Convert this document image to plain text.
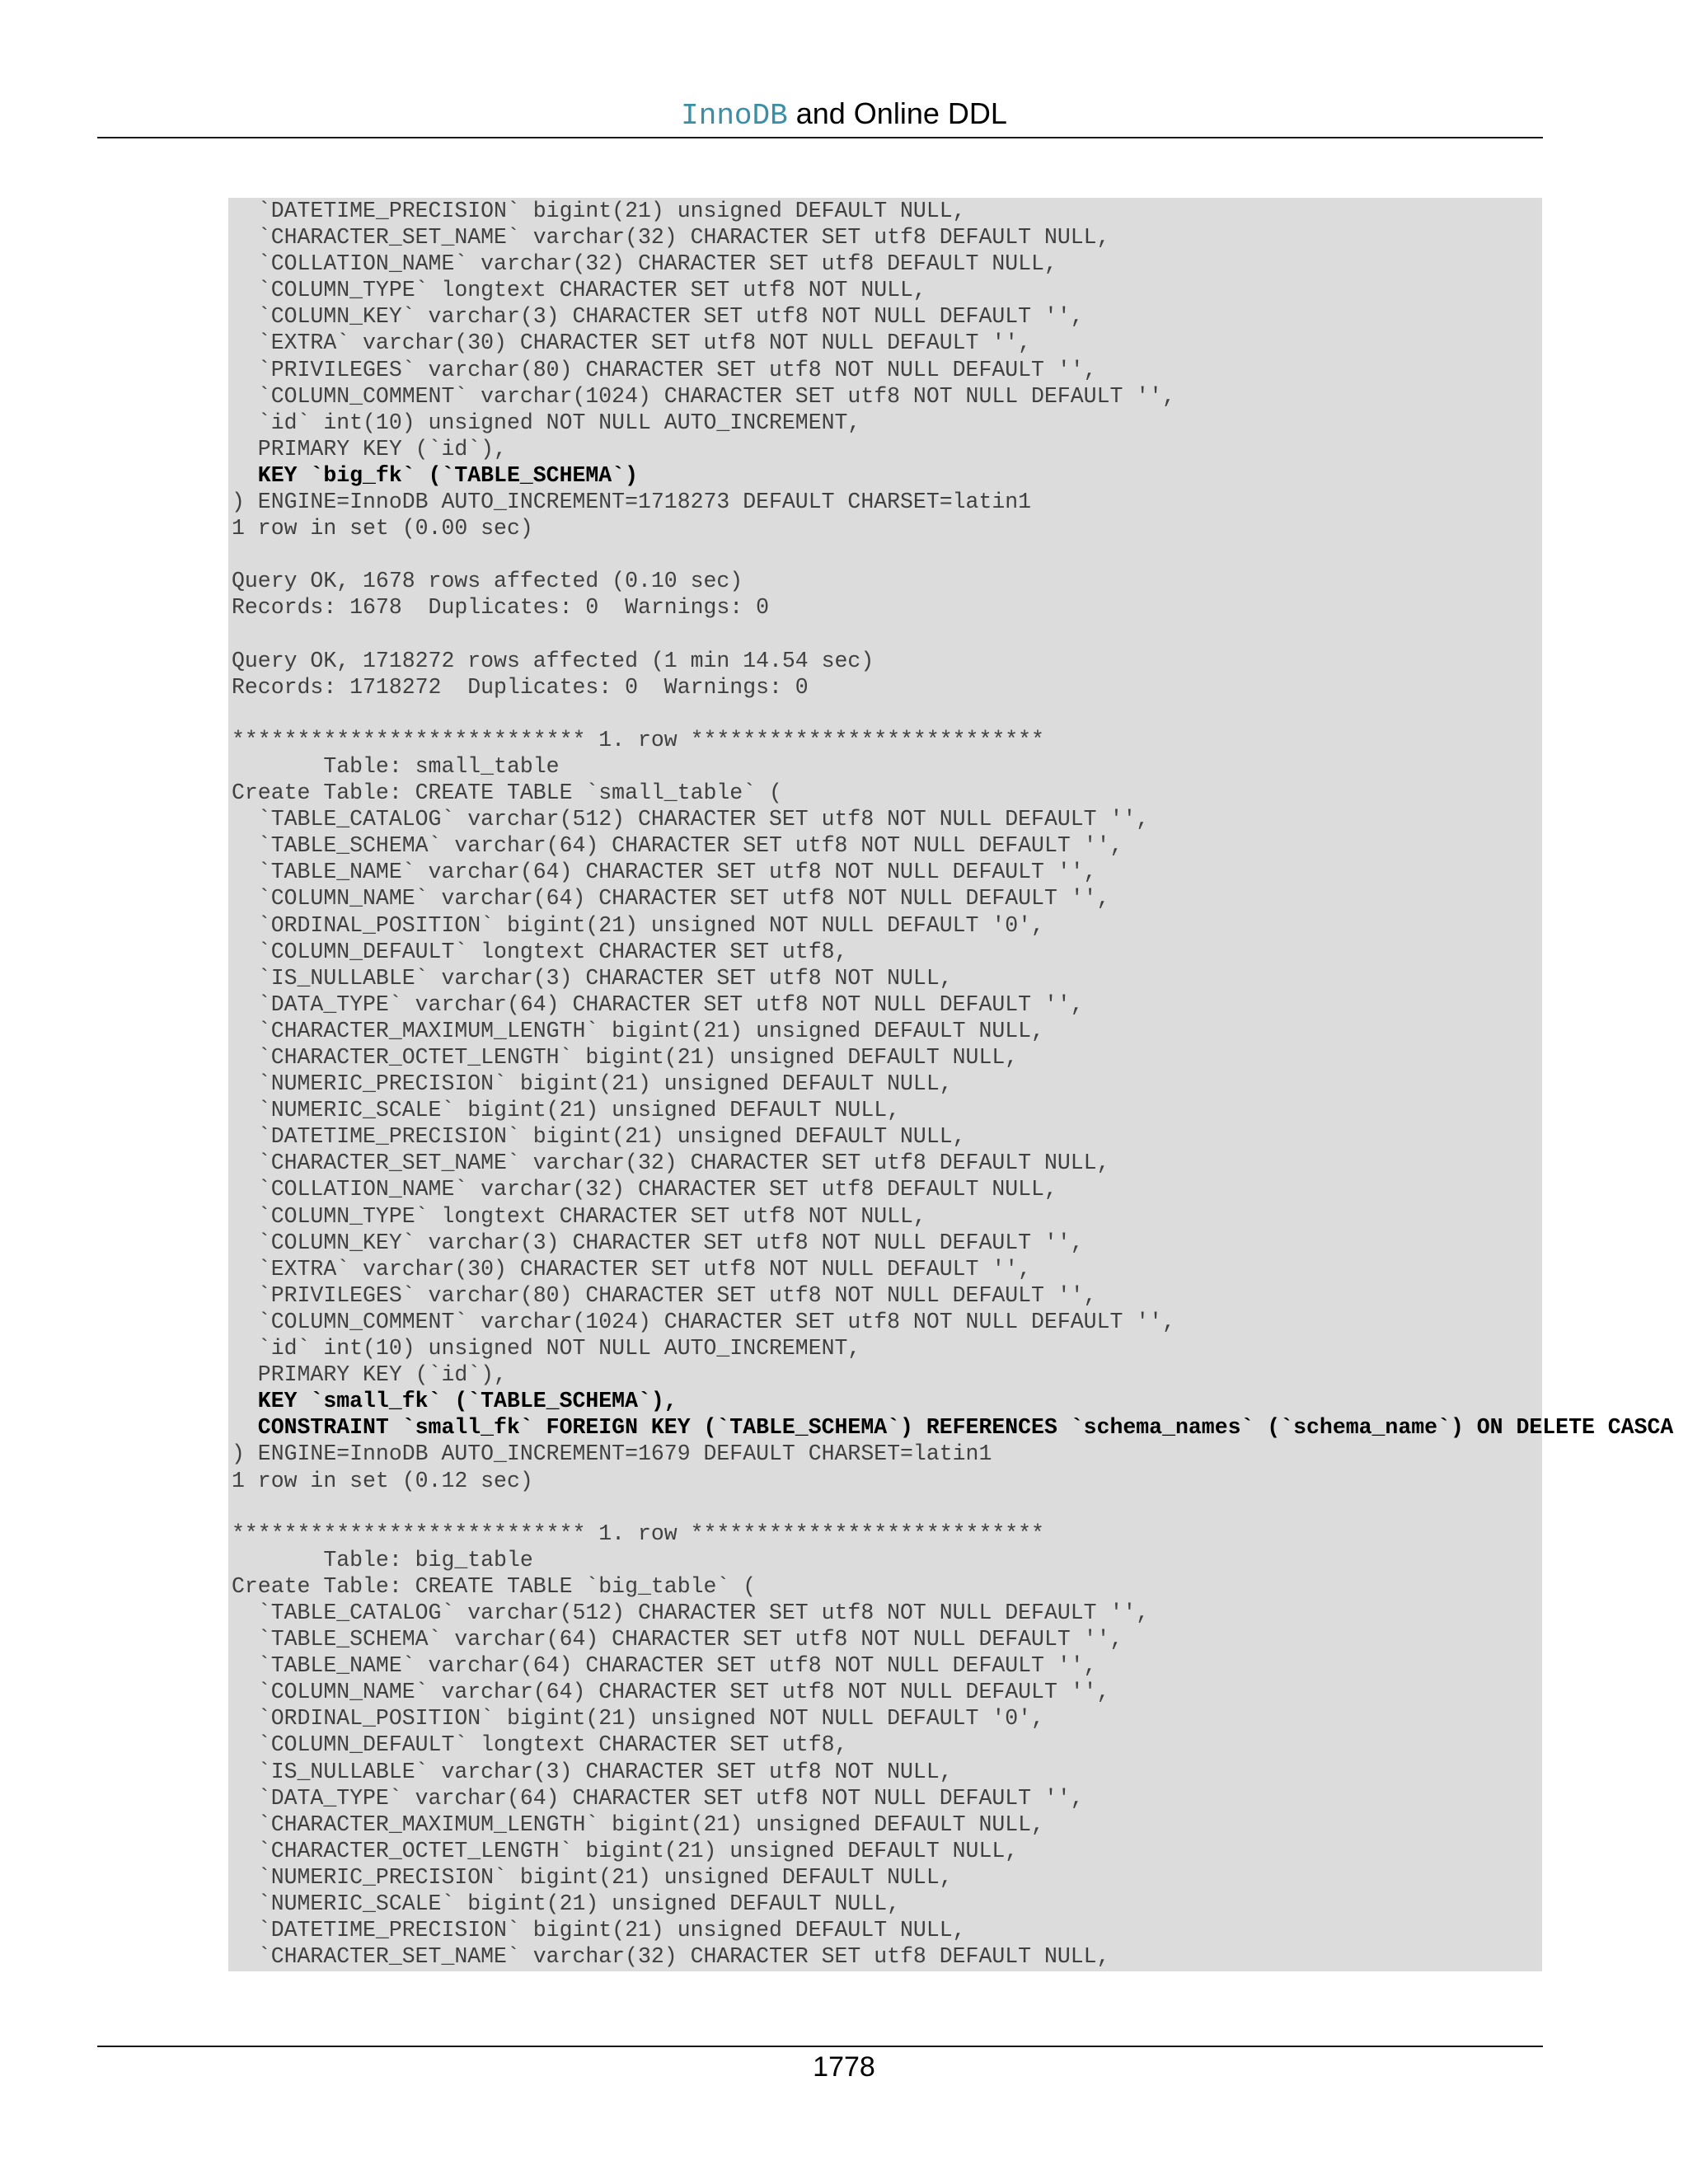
InnoDB and Online DDL
`DATETIME_PRECISION` bigint(21) unsigned DEFAULT NULL,
`CHARACTER_SET_NAME` varchar(32) CHARACTER SET utf8 DEFAULT NULL,
`COLLATION_NAME` varchar(32) CHARACTER SET utf8 DEFAULT NULL,
`COLUMN_TYPE` longtext CHARACTER SET utf8 NOT NULL,
`COLUMN_KEY` varchar(3) CHARACTER SET utf8 NOT NULL DEFAULT '',
`EXTRA` varchar(30) CHARACTER SET utf8 NOT NULL DEFAULT '',
`PRIVILEGES` varchar(80) CHARACTER SET utf8 NOT NULL DEFAULT '',
`COLUMN_COMMENT` varchar(1024) CHARACTER SET utf8 NOT NULL DEFAULT '',
`id` int(10) unsigned NOT NULL AUTO_INCREMENT,
PRIMARY KEY (`id`),
KEY `big_fk` (`TABLE_SCHEMA`)
) ENGINE=InnoDB AUTO_INCREMENT=1718273 DEFAULT CHARSET=latin1
1 row in set (0.00 sec)
Query OK, 1678 rows affected (0.10 sec)
Records: 1678  Duplicates: 0  Warnings: 0
Query OK, 1718272 rows affected (1 min 14.54 sec)
Records: 1718272  Duplicates: 0  Warnings: 0
*************************** 1. row ***************************
Table: small_table
Create Table: CREATE TABLE `small_table` (
`TABLE_CATALOG` varchar(512) CHARACTER SET utf8 NOT NULL DEFAULT '',
`TABLE_SCHEMA` varchar(64) CHARACTER SET utf8 NOT NULL DEFAULT '',
`TABLE_NAME` varchar(64) CHARACTER SET utf8 NOT NULL DEFAULT '',
`COLUMN_NAME` varchar(64) CHARACTER SET utf8 NOT NULL DEFAULT '',
`ORDINAL_POSITION` bigint(21) unsigned NOT NULL DEFAULT '0',
`COLUMN_DEFAULT` longtext CHARACTER SET utf8,
`IS_NULLABLE` varchar(3) CHARACTER SET utf8 NOT NULL,
`DATA_TYPE` varchar(64) CHARACTER SET utf8 NOT NULL DEFAULT '',
`CHARACTER_MAXIMUM_LENGTH` bigint(21) unsigned DEFAULT NULL,
`CHARACTER_OCTET_LENGTH` bigint(21) unsigned DEFAULT NULL,
`NUMERIC_PRECISION` bigint(21) unsigned DEFAULT NULL,
`NUMERIC_SCALE` bigint(21) unsigned DEFAULT NULL,
`DATETIME_PRECISION` bigint(21) unsigned DEFAULT NULL,
`CHARACTER_SET_NAME` varchar(32) CHARACTER SET utf8 DEFAULT NULL,
`COLLATION_NAME` varchar(32) CHARACTER SET utf8 DEFAULT NULL,
`COLUMN_TYPE` longtext CHARACTER SET utf8 NOT NULL,
`COLUMN_KEY` varchar(3) CHARACTER SET utf8 NOT NULL DEFAULT '',
`EXTRA` varchar(30) CHARACTER SET utf8 NOT NULL DEFAULT '',
`PRIVILEGES` varchar(80) CHARACTER SET utf8 NOT NULL DEFAULT '',
`COLUMN_COMMENT` varchar(1024) CHARACTER SET utf8 NOT NULL DEFAULT '',
`id` int(10) unsigned NOT NULL AUTO_INCREMENT,
PRIMARY KEY (`id`),
KEY `small_fk` (`TABLE_SCHEMA`),
CONSTRAINT `small_fk` FOREIGN KEY (`TABLE_SCHEMA`) REFERENCES `schema_names` (`schema_name`) ON DELETE CASCA
) ENGINE=InnoDB AUTO_INCREMENT=1679 DEFAULT CHARSET=latin1
1 row in set (0.12 sec)
*************************** 1. row ***************************
Table: big_table
Create Table: CREATE TABLE `big_table` (
`TABLE_CATALOG` varchar(512) CHARACTER SET utf8 NOT NULL DEFAULT '',
`TABLE_SCHEMA` varchar(64) CHARACTER SET utf8 NOT NULL DEFAULT '',
`TABLE_NAME` varchar(64) CHARACTER SET utf8 NOT NULL DEFAULT '',
`COLUMN_NAME` varchar(64) CHARACTER SET utf8 NOT NULL DEFAULT '',
`ORDINAL_POSITION` bigint(21) unsigned NOT NULL DEFAULT '0',
`COLUMN_DEFAULT` longtext CHARACTER SET utf8,
`IS_NULLABLE` varchar(3) CHARACTER SET utf8 NOT NULL,
`DATA_TYPE` varchar(64) CHARACTER SET utf8 NOT NULL DEFAULT '',
`CHARACTER_MAXIMUM_LENGTH` bigint(21) unsigned DEFAULT NULL,
`CHARACTER_OCTET_LENGTH` bigint(21) unsigned DEFAULT NULL,
`NUMERIC_PRECISION` bigint(21) unsigned DEFAULT NULL,
`NUMERIC_SCALE` bigint(21) unsigned DEFAULT NULL,
`DATETIME_PRECISION` bigint(21) unsigned DEFAULT NULL,
`CHARACTER_SET_NAME` varchar(32) CHARACTER SET utf8 DEFAULT NULL,
1778
